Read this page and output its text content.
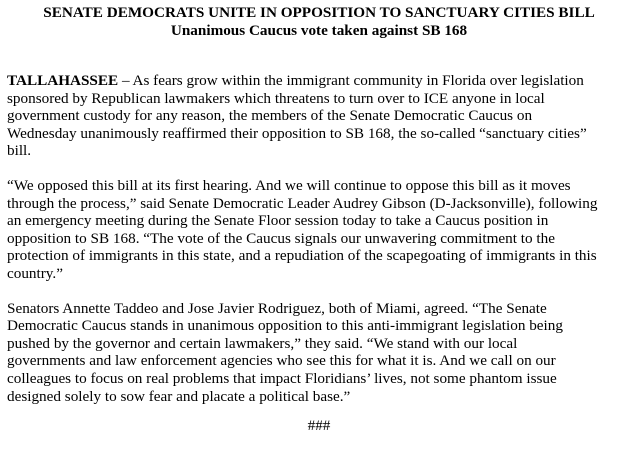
SENATE DEMOCRATS UNITE IN OPPOSITION TO SANCTUARY CITIES BILL

Unanimous Caucus vote taken against SB 168

TALLAHASSEE – As fears grow within the immigrant community in Florida over legislation
sponsored by Republican lawmakers which threatens to turn over to ICE anyone in local
government custody for any reason, the members of the Senate Democratic Caucus on
Wednesday unanimously reaffirmed their opposition to SB 168, the so-called “sanctuary cities”
bill.

“We opposed this bill at its first hearing. And we will continue to oppose this bill as it moves
through the process,” said Senate Democratic Leader Audrey Gibson (D-Jacksonville), following
an emergency meeting during the Senate Floor session today to take a Caucus position in
opposition to SB 168. “The vote of the Caucus signals our unwavering commitment to the
protection of immigrants in this state, and a repudiation of the scapegoating of immigrants in this
country.”

Senators Annette Taddeo and Jose Javier Rodriguez, both of Miami, agreed. “The Senate
Democratic Caucus stands in unanimous opposition to this anti-immigrant legislation being
pushed by the governor and certain lawmakers,” they said. “We stand with our local
governments and law enforcement agencies who see this for what it is. And we call on our
colleagues to focus on real problems that impact Floridians’ lives, not some phantom issue
designed solely to sow fear and placate a political base.”

###
